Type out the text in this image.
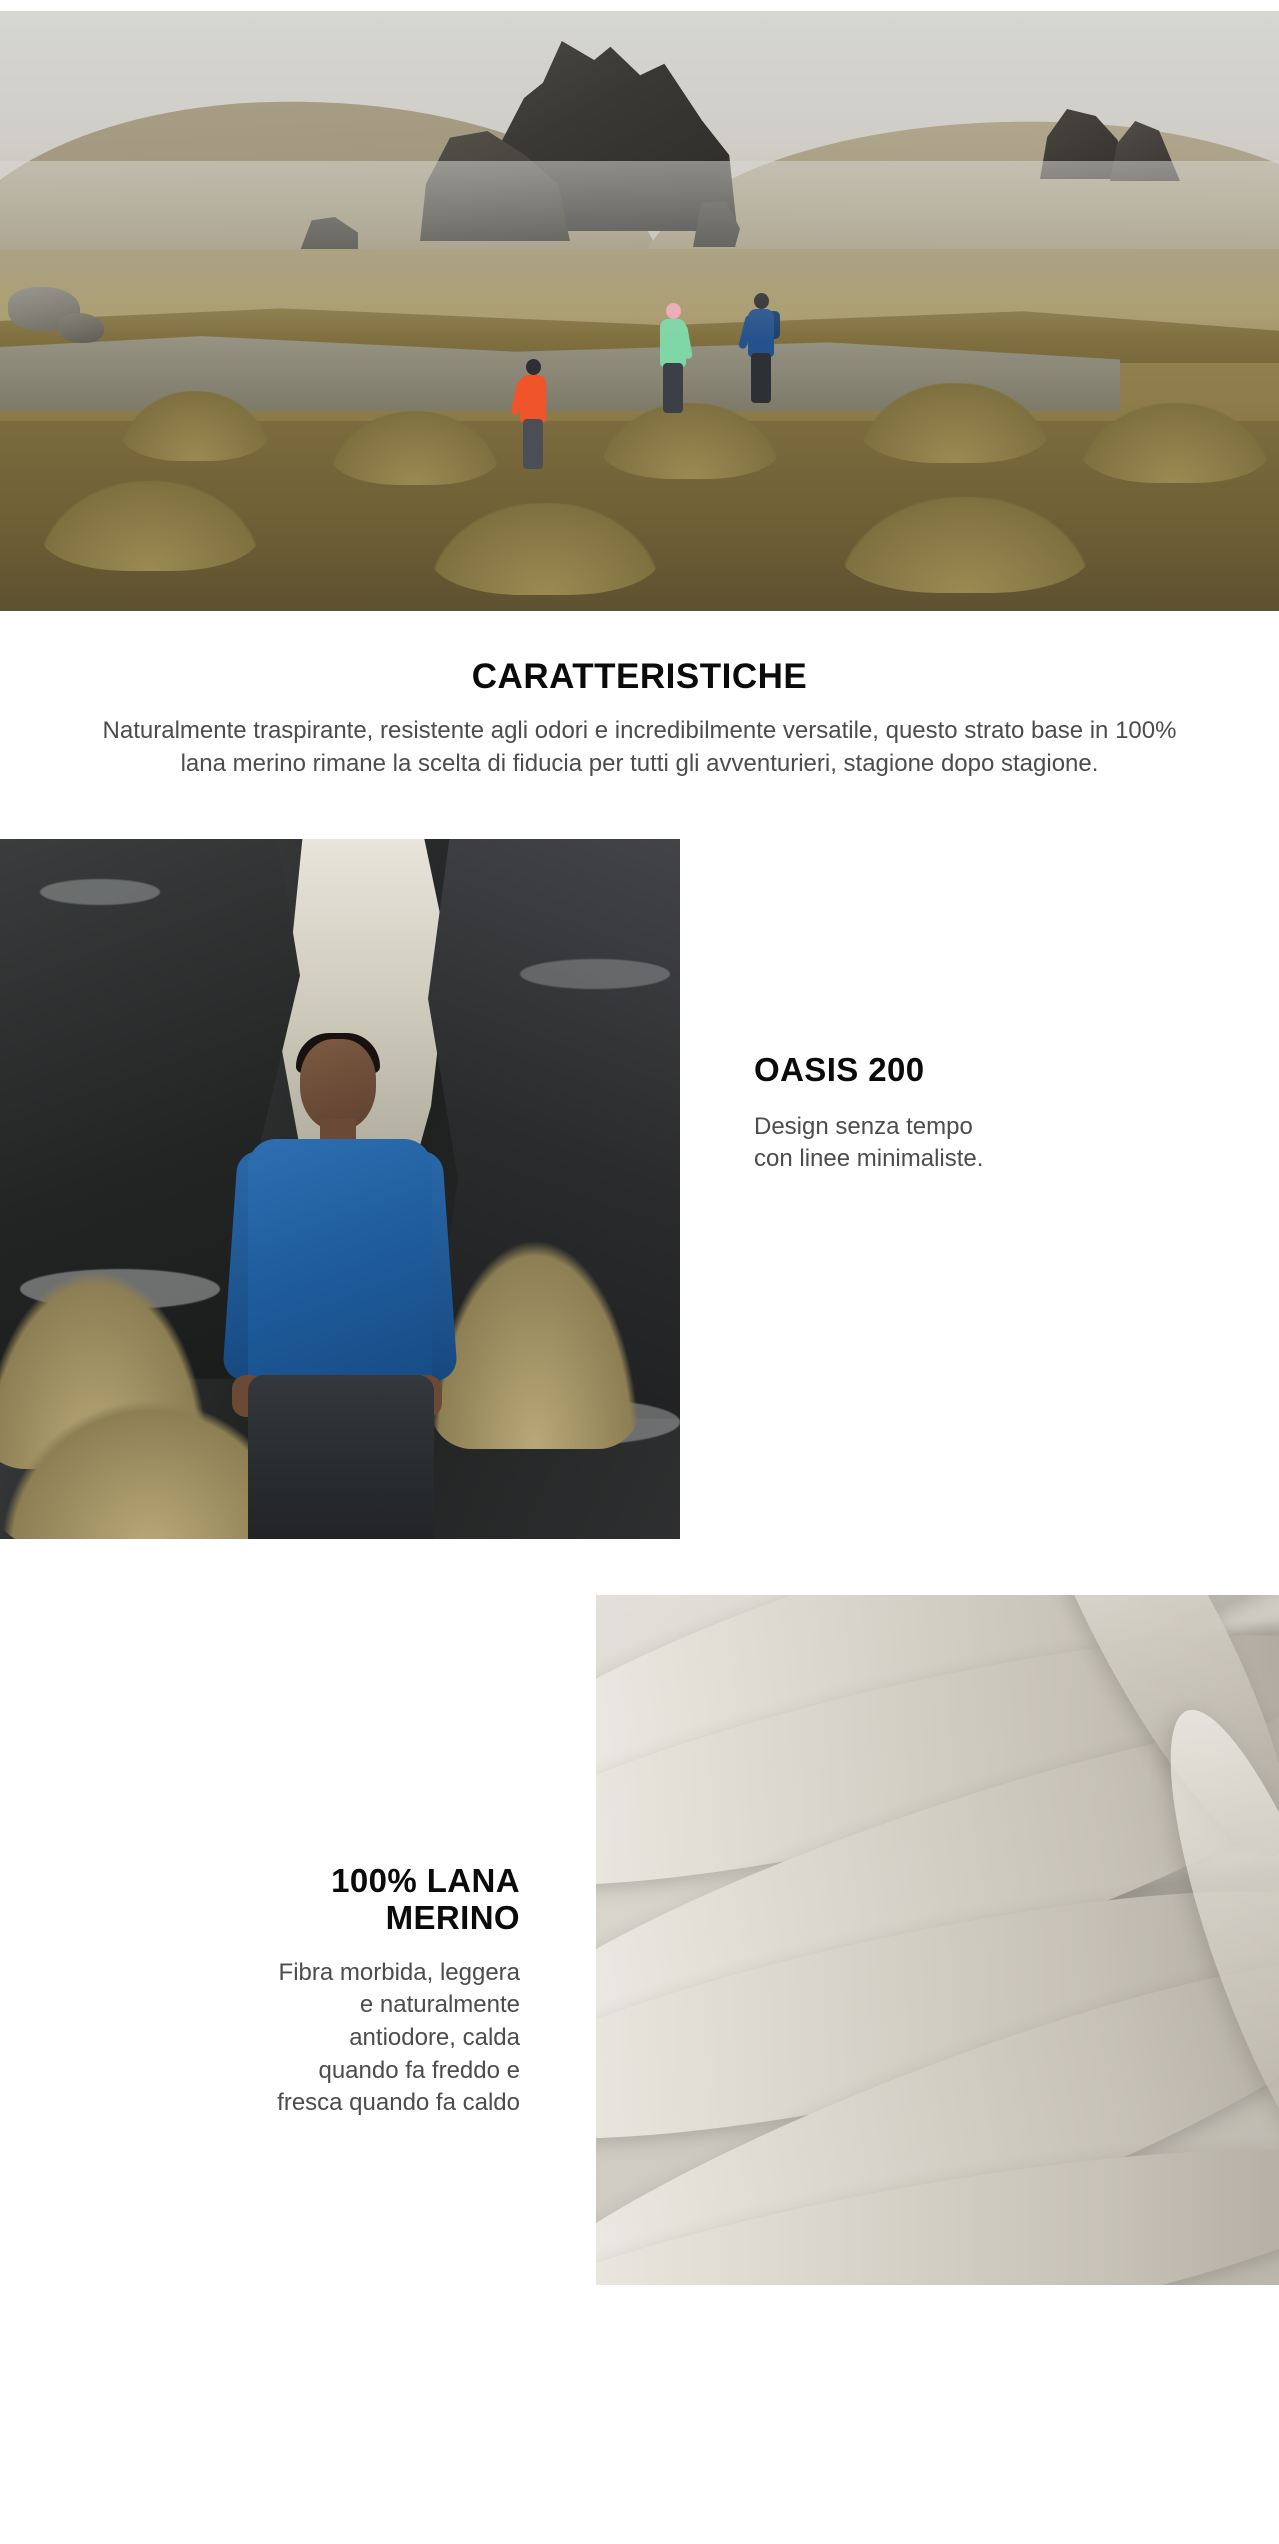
CARATTERISTICHE

Naturalmente traspirante, resistente agli odori e incredibilmente versatile, questo strato base in 100% lana merino rimane la scelta di fiducia per tutti gli avventurieri, stagione dopo stagione.

OASIS 200

Design senza tempo

con linee minimaliste.

100% LANA
MERINO

Fibra morbida, leggera
e naturalmente
antiodore, calda
quando fa freddo e
fresca quando fa caldo
